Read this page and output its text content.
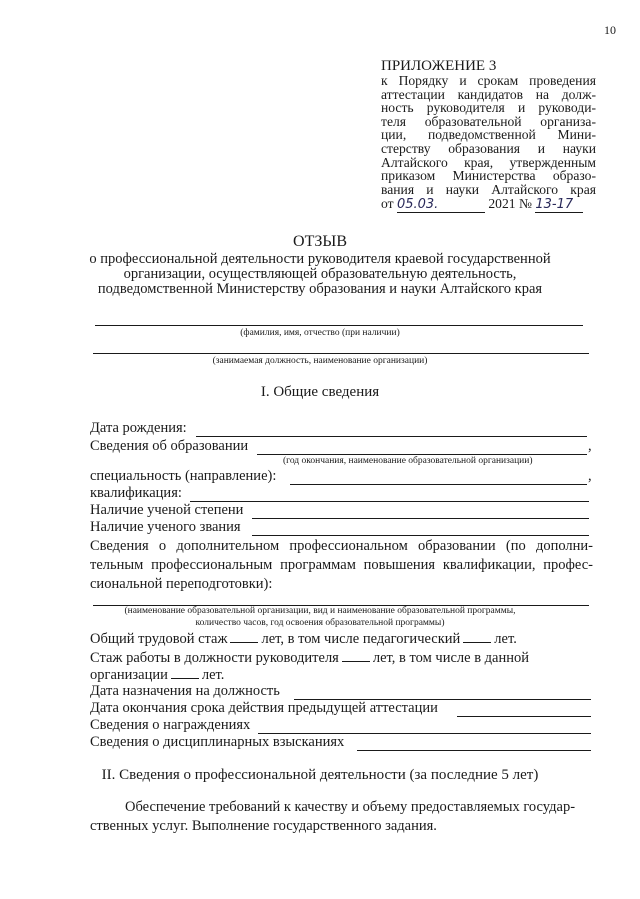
10
ПРИЛОЖЕНИЕ 3
к Порядку и срокам проведения
аттестации кандидатов на долж-
ность руководителя и руководи-
теля образовательной организа-
ции, подведомственной Мини-
стерству образования и науки
Алтайского края, утвержденным
приказом Министерства образо-
вания и науки Алтайского края
от 05.03.	2021 № 13-17
ОТЗЫВ
о профессиональной деятельности руководителя краевой государственной
организации, осуществляющей образовательную деятельность,
подведомственной Министерству образования и науки Алтайского края
(фамилия, имя, отчество (при наличии)
(занимаемая должность, наименование организации)
I. Общие сведения
Дата рождения:
Сведения об образовании	,
(год окончания, наименование образовательной организации)
специальность (направление):	,
квалификация:
Наличие ученой степени
Наличие ученого звания
Сведения о дополнительном профессиональном образовании (по дополни-
тельным профессиональным программам повышения квалификации, профес-
сиональной переподготовки):
(наименование образовательной организации, вид и наименование образовательной программы,
количество часов, год освоения образовательной программы)
Общий трудовой стаж лет, в том числе педагогический лет.
Стаж работы в должности руководителя лет, в том числе в данной
организации лет.
Дата назначения на должность
Дата окончания срока действия предыдущей аттестации
Сведения о награждениях
Сведения о дисциплинарных взысканиях
II. Сведения о профессиональной деятельности (за последние 5 лет)
Обеспечение требований к качеству и объему предоставляемых государ-
ственных услуг. Выполнение государственного задания.
